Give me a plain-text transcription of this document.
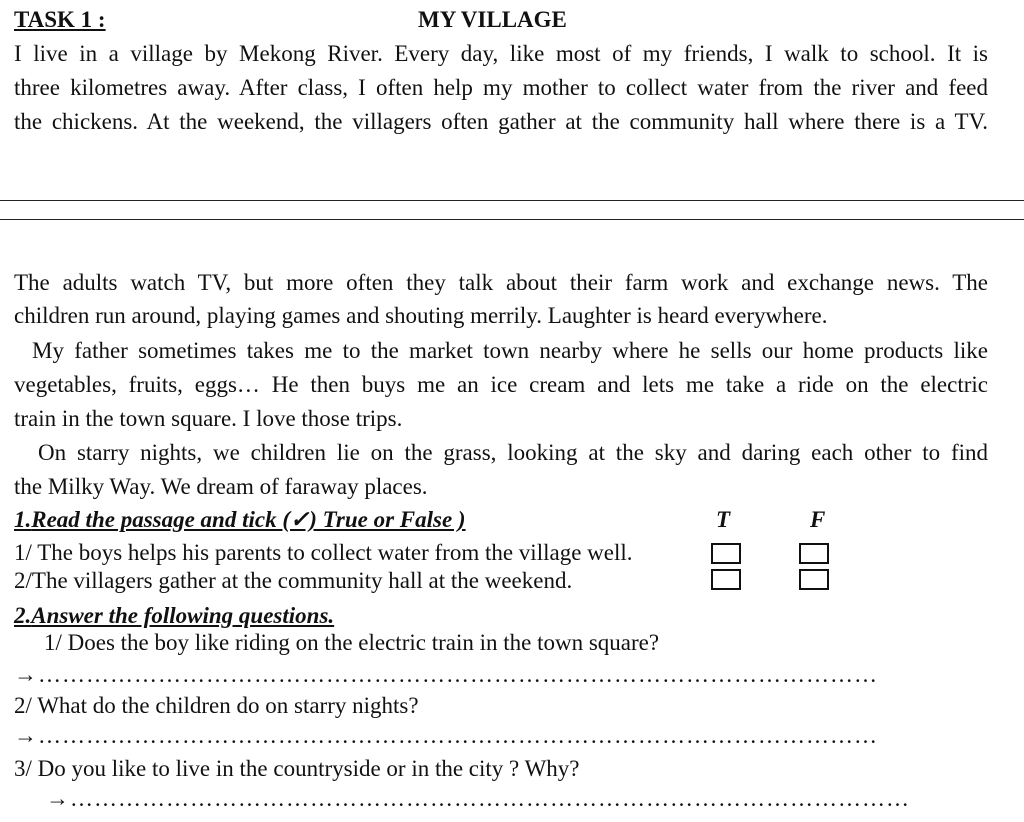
TASK 1 :	MY VILLAGE
I live in a village by Mekong River. Every day, like most of my friends, I walk to school. It is
three kilometres away. After class, I often help my mother to collect water from the river and feed
the chickens. At the weekend, the villagers often gather at the community hall where there is a TV.
The adults watch TV, but more often they talk about their farm work and exchange news. The
children run around, playing games and shouting merrily. Laughter is heard everywhere.
My father sometimes takes me to the market town nearby where he sells our home products like
vegetables, fruits, eggs… He then buys me an ice cream and lets me take a ride on the electric
train in the town square. I love those trips.
On starry nights, we children lie on the grass, looking at the sky and daring each other to find
the Milky Way. We dream of faraway places.
1.Read the passage and tick (✓) True or False )	T	F
1/ The boys helps his parents to collect water from the village well.
2/The villagers gather at the community hall at the weekend.
2.Answer the following questions.
1/ Does the boy like riding on the electric train in the town square?
→ ……………………………………………………………………………………………
2/ What do the children do on starry nights?
→ ……………………………………………………………………………………………
3/ Do you like to live in the countryside or in the city ? Why?
→ ……………………………………………………………………………………………
